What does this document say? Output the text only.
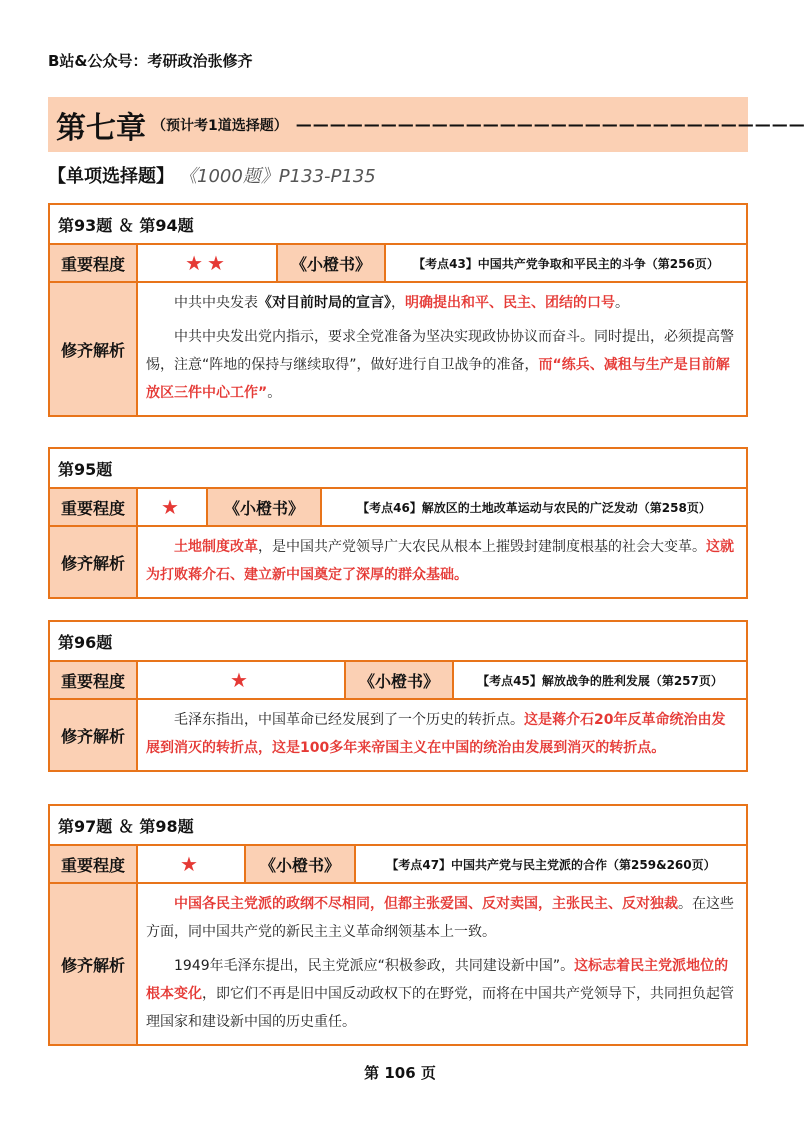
B站&公众号：考研政治张修齐
第七章 （预计考1道选择题） ——————————————————————————————
【单项选择题】 《1000题》P133-P135
第93题 ＆ 第94题
重要程度	★★	《小橙书》	【考点43】中国共产党争取和平民主的斗争（第256页）
修齐解析

中共中央发表《对目前时局的宣言》，明确提出和平、民主、团结的口号。

中共中央发出党内指示，要求全党准备为坚决实现政协协议而奋斗。同时提出，必须提高警惕，注意“阵地的保持与继续取得”，做好进行自卫战争的准备，而“练兵、减租与生产是目前解放区三件中心工作”。

第95题
重要程度	★	《小橙书》	【考点46】解放区的土地改革运动与农民的广泛发动（第258页）
修齐解析

土地制度改革，是中国共产党领导广大农民从根本上摧毁封建制度根基的社会大变革。这就为打败蒋介石、建立新中国奠定了深厚的群众基础。

第96题
重要程度	★	《小橙书》	【考点45】解放战争的胜利发展（第257页）
修齐解析

毛泽东指出，中国革命已经发展到了一个历史的转折点。这是蒋介石20年反革命统治由发展到消灭的转折点，这是100多年来帝国主义在中国的统治由发展到消灭的转折点。

第97题 ＆ 第98题
重要程度	★	《小橙书》	【考点47】中国共产党与民主党派的合作（第259&260页）
修齐解析

中国各民主党派的政纲不尽相同，但都主张爱国、反对卖国，主张民主、反对独裁。在这些方面，同中国共产党的新民主主义革命纲领基本上一致。

1949年毛泽东提出，民主党派应“积极参政，共同建设新中国”。这标志着民主党派地位的根本变化，即它们不再是旧中国反动政权下的在野党，而将在中国共产党领导下，共同担负起管理国家和建设新中国的历史重任。

第 106 页
